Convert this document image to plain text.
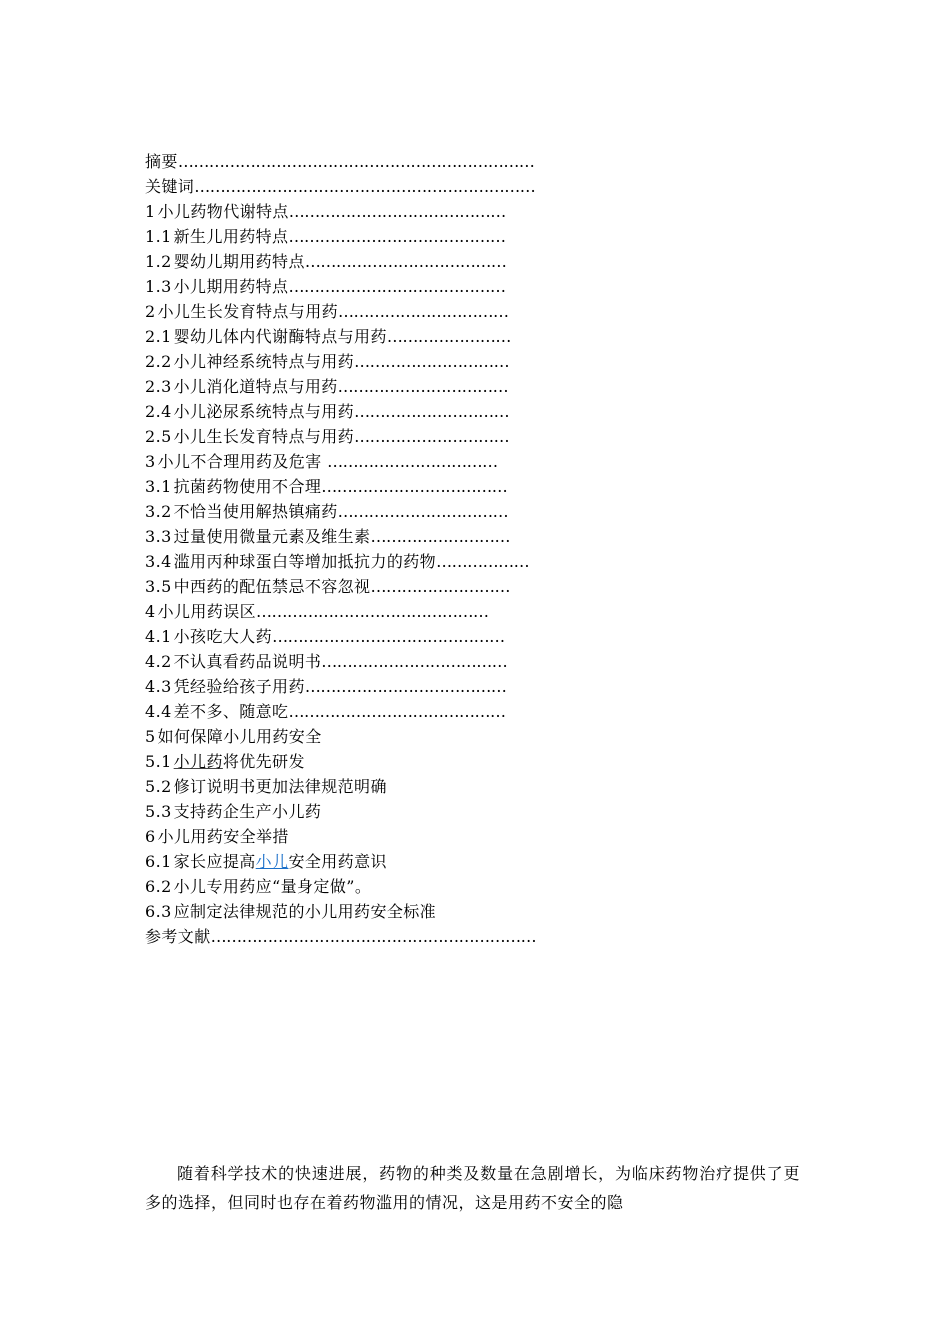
摘要……………………………………………………………
关键词…………………………………………………………
1 小儿药物代谢特点……………………………………
1.1 新生儿用药特点……………………………………
1.2 婴幼儿期用药特点…………………………………
1.3 小儿期用药特点……………………………………
2 小儿生长发育特点与用药……………………………
2.1 婴幼儿体内代谢酶特点与用药……………………
2.2 小儿神经系统特点与用药…………………………
2.3 小儿消化道特点与用药……………………………
2.4 小儿泌尿系统特点与用药…………………………
2.5 小儿生长发育特点与用药…………………………
3 小儿不合理用药及危害 ……………………………
3.1 抗菌药物使用不合理………………………………
3.2 不恰当使用解热镇痛药……………………………
3.3 过量使用微量元素及维生素………………………
3.4 滥用丙种球蛋白等增加抵抗力的药物………………
3.5 中西药的配伍禁忌不容忽视………………………
4 小儿用药误区………………………………………
4.1 小孩吃大人药………………………………………
4.2 不认真看药品说明书………………………………
4.3 凭经验给孩子用药…………………………………
4.4 差不多、随意吃……………………………………
5 如何保障小儿用药安全
5.1 小儿药将优先研发
5.2 修订说明书更加法律规范明确
5.3 支持药企生产小儿药
6 小儿用药安全举措
6.1 家长应提高小儿安全用药意识
6.2 小儿专用药应“量身定做”。
6.3 应制定法律规范的小儿用药安全标准
参考文献………………………………………………………

随着科学技术的快速进展，药物的种类及数量在急剧增长，为临床药物治疗提供了更多的选择，但同时也存在着药物滥用的情况，这是用药不安全的隐
